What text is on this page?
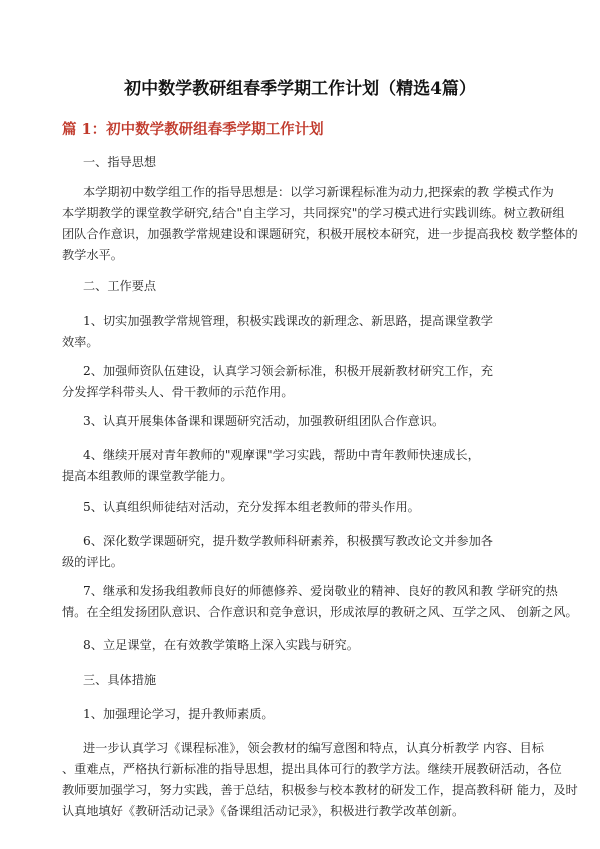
初中数学教研组春季学期工作计划（精选4篇）
篇 1：初中数学教研组春季学期工作计划

一、指导思想

本学期初中数学组工作的指导思想是：以学习新课程标准为动力,把探索的教 学模式作为
本学期教学的课堂教学研究,结合"自主学习，共同探究"的学习模式进行实践训练。树立教研组
团队合作意识，加强教学常规建设和课题研究，积极开展校本研究，进一步提高我校 数学整体的
教学水平。

二、工作要点

1、切实加强教学常规管理，积极实践课改的新理念、新思路，提高课堂教学
效率。
2、加强师资队伍建设，认真学习领会新标准，积极开展新教材研究工作，充
分发挥学科带头人、骨干教师的示范作用。
3、认真开展集体备课和课题研究活动，加强教研组团队合作意识。
4、继续开展对青年教师的"观摩课"学习实践，帮助中青年教师快速成长，
提高本组教师的课堂教学能力。
5、认真组织师徒结对活动，充分发挥本组老教师的带头作用。
6、深化数学课题研究，提升数学教师科研素养，积极撰写教改论文并参加各
级的评比。
7、继承和发扬我组教师良好的师德修养、爱岗敬业的精神、良好的教风和教 学研究的热
情。在全组发扬团队意识、合作意识和竞争意识，形成浓厚的教研之风、互学之风、 创新之风。
8、立足课堂，在有效教学策略上深入实践与研究。

三、具体措施

1、加强理论学习，提升教师素质。
进一步认真学习《课程标准》，领会教材的编写意图和特点，认真分析教学 内容、目标
、重难点，严格执行新标准的指导思想，提出具体可行的教学方法。继续开展教研活动，各位
教师要加强学习，努力实践，善于总结，积极参与校本教材的研发工作，提高教科研 能力，及时
认真地填好《教研活动记录》《备课组活动记录》，积极进行教学改革创新。
